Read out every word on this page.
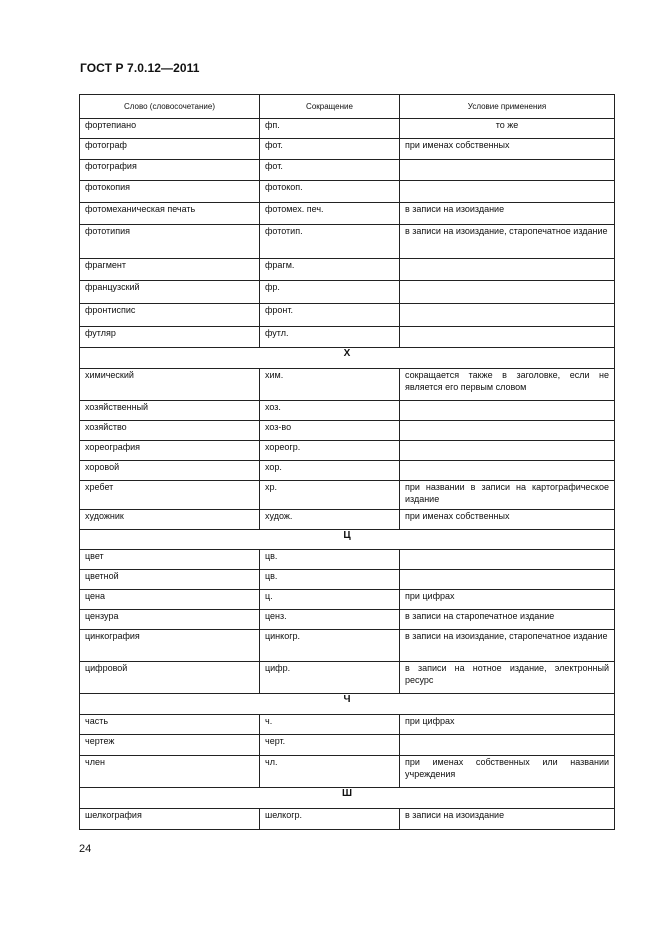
ГОСТ Р 7.0.12—2011
Слово (словосочетание)	Сокращение	Условие применения
фортепиано	фп.	то же
фотограф	фот.	при именах собственных
фотография	фот.	
фотокопия	фотокоп.	
фотомеханическая печать	фотомех. печ.	в записи на изоиздание
фототипия	фототип.	в записи на изоиздание, старопечатное издание
фрагмент	фрагм.	
французский	фр.	
фронтиспис	фронт.	
футляр	футл.	
Х		
химический	хим.	сокращается также в заголовке, если не является его первым словом
хозяйственный	хоз.	
хозяйство	хоз-во	
хореография	хореогр.	
хоровой	хор.	
хребет	хр.	при названии в записи на картографическое издание
художник	худож.	при именах собственных
Ц		
цвет	цв.	
цветной	цв.	
цена	ц.	при цифрах
цензура	ценз.	в записи на старопечатное издание
цинкография	цинкогр.	в записи на изоиздание, старопечатное издание
цифровой	цифр.	в записи на нотное издание, электронный ресурс
Ч		
часть	ч.	при цифрах
чертеж	черт.	
член	чл.	при именах собственных или названии учреждения
Ш		
шелкография	шелкогр.	в записи на изоиздание
24
